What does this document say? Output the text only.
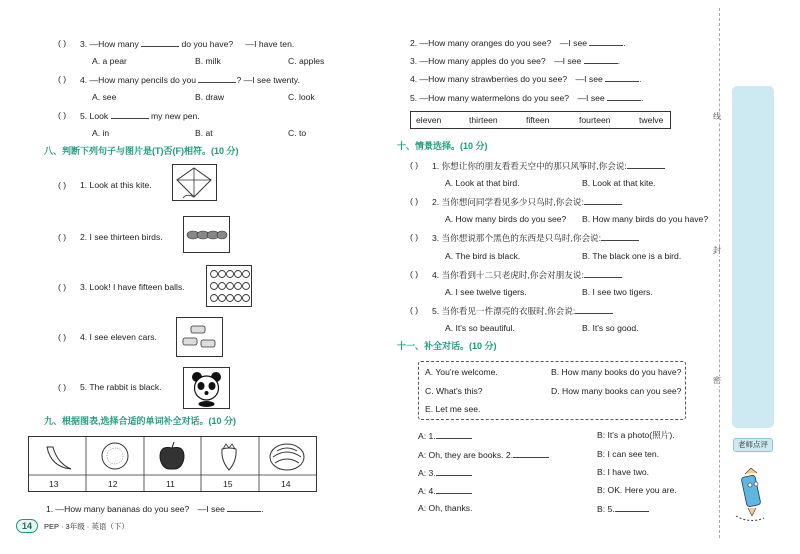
( ) 3. —How many	do you have? —I have ten.
A. a pear	B. milk	C. apples
( ) 4. —How many pencils do you	? —I see twenty.
A. see	B. draw	C. look
( ) 5. Look	my new pen.
A. in	B. at	C. to
八、判断下列句子与图片是(T)否(F)相符。(10 分)
( ) 1. Look at this kite.
( ) 2. I see thirteen birds.
( ) 3. Look! I have fifteen balls.
( ) 4. I see eleven cars.
( ) 5. The rabbit is black.
九、根据图表,选择合适的单词补全对话。(10 分)
13	12	11	15	14
1. —How many bananas do you see? —I see	.
14	PEP · 3年级 · 英语（下）
2. —How many oranges do you see? —I see	.
3. —How many apples do you see? —I see	.
4. —How many strawberries do you see? —I see	.
5. —How many watermelons do you see? —I see	.
eleven	thirteen	fifteen	fourteen	twelve
十、情景选择。(10 分)
( ) 1. 你想让你的朋友看看天空中的那只风筝时,你会说:
A. Look at that bird.	B. Look at that kite.
( ) 2. 当你想问同学看见多少只鸟时,你会说:
A. How many birds do you see? B. How many birds do you have?
( ) 3. 当你想说那个黑色的东西是只鸟时,你会说:
A. The bird is black.	B. The black one is a bird.
( ) 4. 当你看到十二只老虎时,你会对朋友说:
A. I see twelve tigers.	B. I see two tigers.
( ) 5. 当你看见一件漂亮的衣服时,你会说:
A. It's so beautiful.	B. It's so good.
十一、补全对话。(10 分)
A. You're welcome.	B. How many books do you have?
C. What's this?	D. How many books can you see?
E. Let me see.
A: 1.	B: It's a photo(照片).
A: Oh, they are books. 2.	B: I can see ten.
A: 3.	B: I have two.
A: 4.	B: OK. Here you are.
A: Oh, thanks.	B: 5.
线
封
密
老师点评
